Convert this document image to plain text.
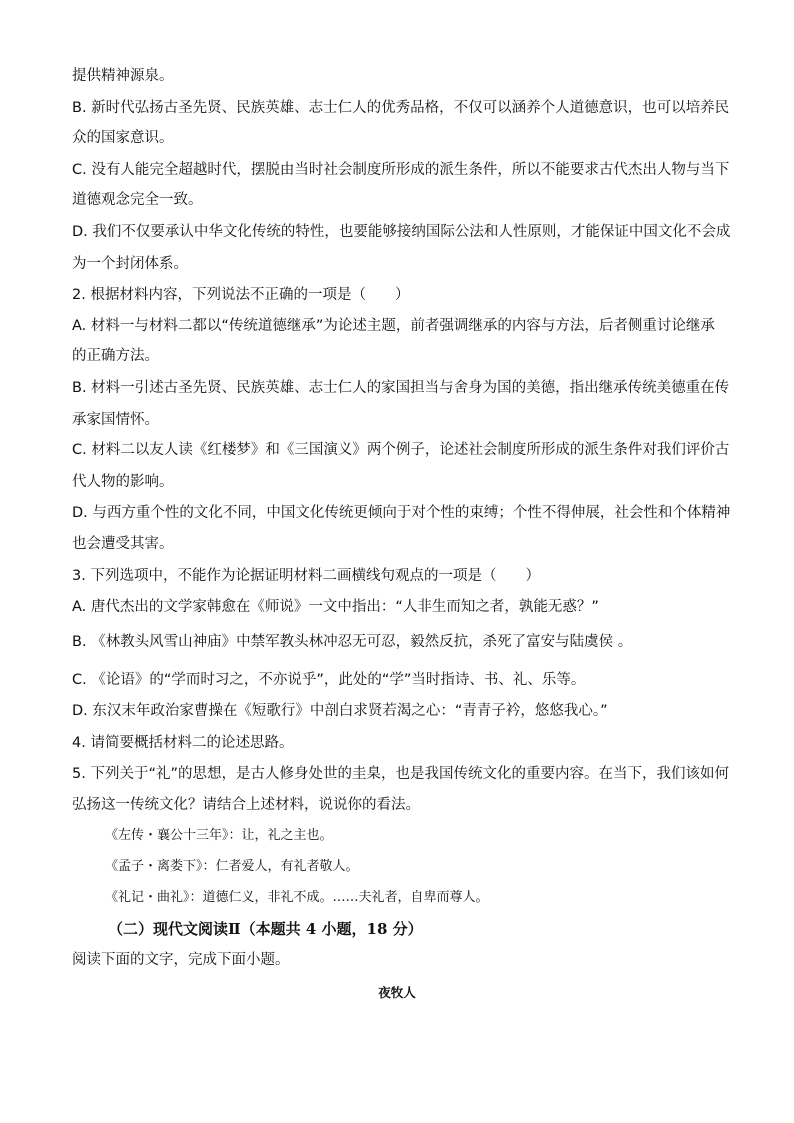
提供精神源泉。
B. 新时代弘扬古圣先贤、民族英雄、志士仁人的优秀品格，不仅可以涵养个人道德意识，也可以培养民
众的国家意识。
C. 没有人能完全超越时代，摆脱由当时社会制度所形成的派生条件，所以不能要求古代杰出人物与当下
道德观念完全一致。
D. 我们不仅要承认中华文化传统的特性，也要能够接纳国际公法和人性原则，才能保证中国文化不会成
为一个封闭体系。
2. 根据材料内容，下列说法不正确的一项是（　　）
A. 材料一与材料二都以“传统道德继承”为论述主题，前者强调继承的内容与方法，后者侧重讨论继承
的正确方法。
B. 材料一引述古圣先贤、民族英雄、志士仁人的家国担当与舍身为国的美德，指出继承传统美德重在传
承家国情怀。
C. 材料二以友人读《红楼梦》和《三国演义》两个例子，论述社会制度所形成的派生条件对我们评价古
代人物的影响。
D. 与西方重个性的文化不同，中国文化传统更倾向于对个性的束缚；个性不得伸展，社会性和个体精神
也会遭受其害。
3. 下列选项中，不能作为论据证明材料二画横线句观点的一项是（　　）
A. 唐代杰出的文学家韩愈在《师说》一文中指出：“人非生而知之者，孰能无惑？”
B. 《林教头风雪山神庙》中禁军教头林冲忍无可忍，毅然反抗，杀死了富安与陆虞侯 。
C. 《论语》的“学而时习之，不亦说乎”，此处的“学”当时指诗、书、礼、乐等。
D. 东汉末年政治家曹操在《短歌行》中剖白求贤若渴之心：“青青子衿，悠悠我心。”
4. 请简要概括材料二的论述思路。
5. 下列关于“礼”的思想，是古人修身处世的圭臬，也是我国传统文化的重要内容。在当下，我们该如何
弘扬这一传统文化？请结合上述材料，说说你的看法。
《左传・襄公十三年》：让，礼之主也。
《孟子・离娄下》：仁者爱人，有礼者敬人。
《礼记・曲礼》：道德仁义，非礼不成。……夫礼者，自卑而尊人。
（二）现代文阅读Ⅱ（本题共 4 小题，18 分）
阅读下面的文字，完成下面小题。
夜牧人
